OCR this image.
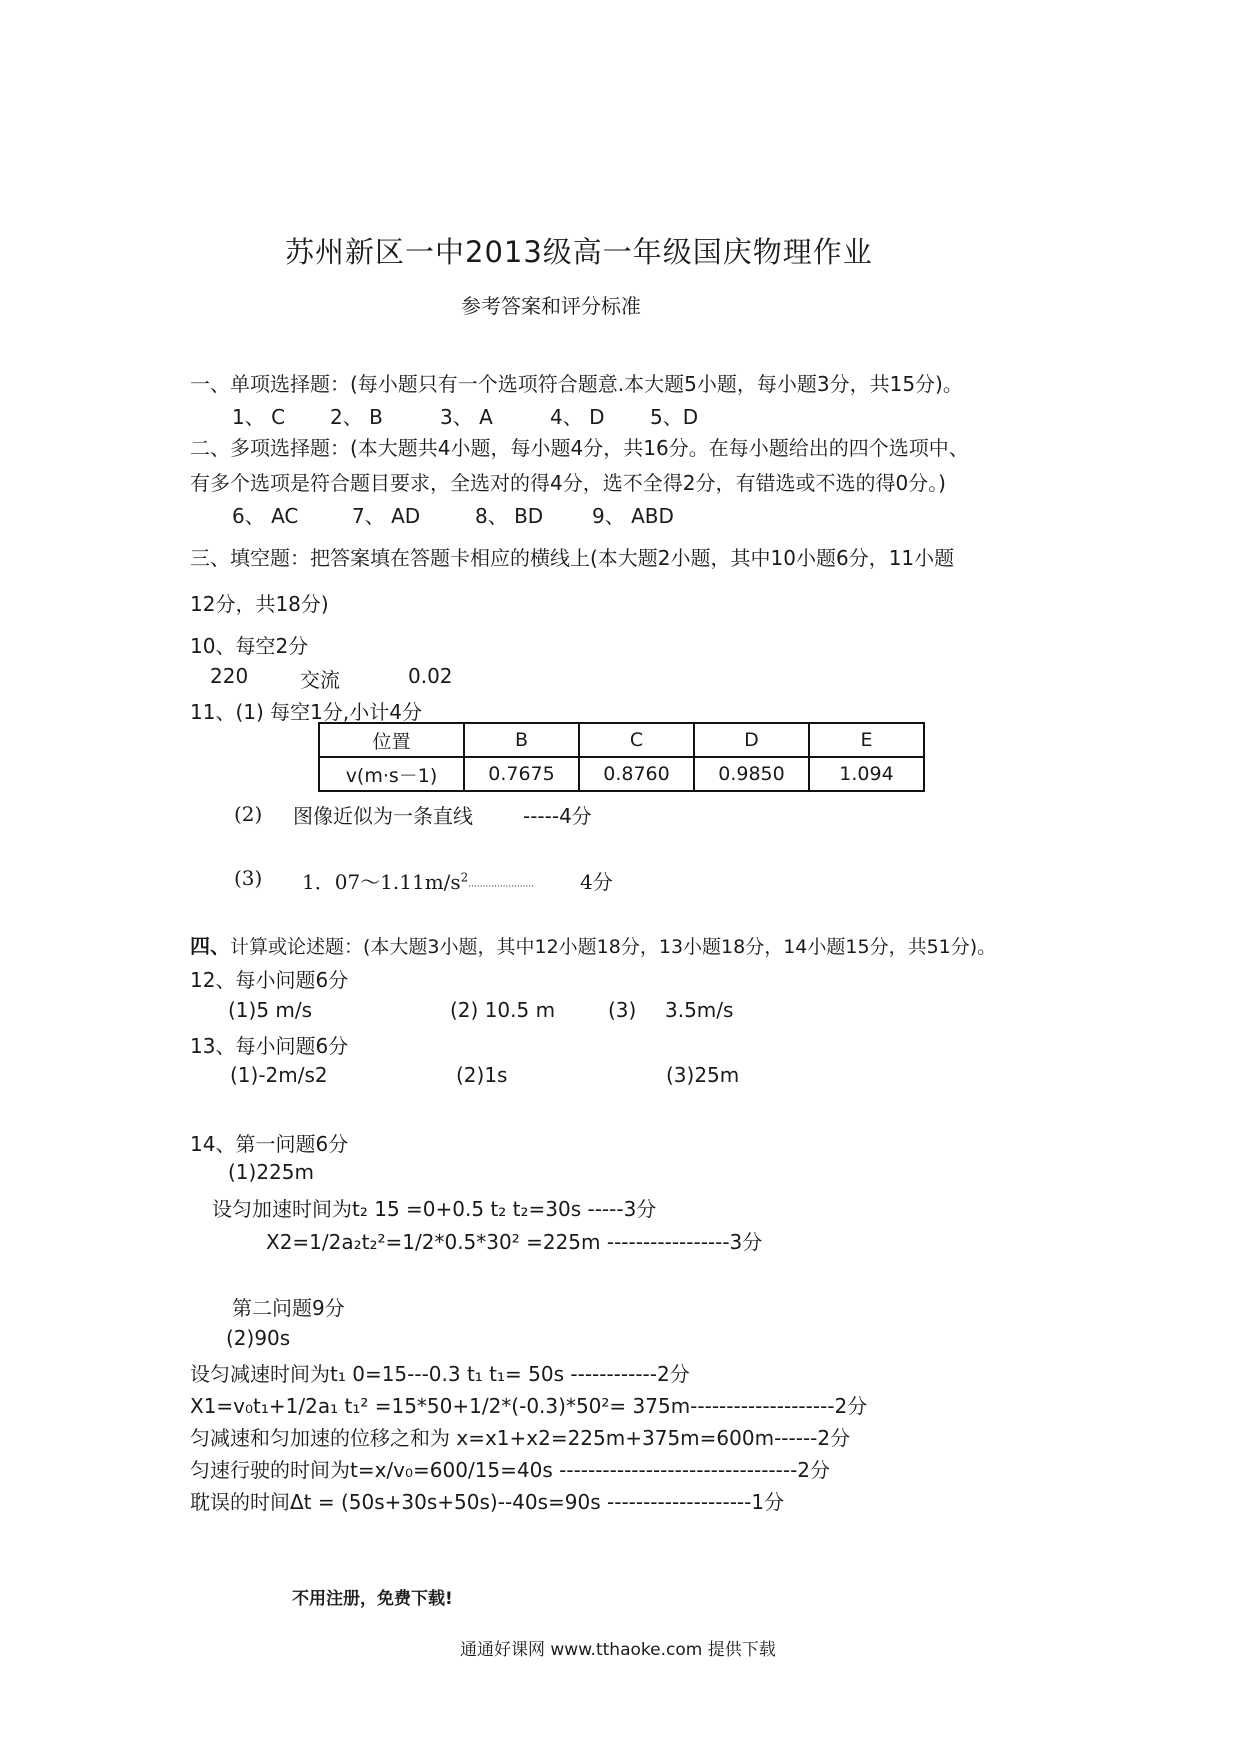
苏州新区一中2013级高一年级国庆物理作业
参考答案和评分标准
一、单项选择题：(每小题只有一个选项符合题意.本大题5小题，每小题3分，共15分)。
1、 C 2、 B	3、 A	4、 D 5、D
二、多项选择题：(本大题共4小题，每小题4分，共16分。在每小题给出的四个选项中、
有多个选项是符合题目要求，全选对的得4分，选不全得2分，有错选或不选的得0分。)
6、 AC	7、 AD	8、 BD 9、 ABD
三、填空题：把答案填在答题卡相应的横线上(本大题2小题，其中10小题6分，11小题
12分，共18分)
10、每空2分
220	交流	0.02
11、(1) 每空1分,小计4分
位置	B	C	D	E
v(m·s－1)	0.7675	0.8760	0.9850	1.094
(2) 图像近似为一条直线	-----4分
(3) 1．$07\sim 1.11m/s^2\cdot\cdot\cdot\cdot\cdot\cdot\cdot\cdot\cdot\cdot\cdot\cdot\cdot\cdot\cdot\cdot\cdot\cdot\cdot\cdot\cdot\cdot\cdot 4$分
四、计算或论述题：(本大题3小题，其中12小题18分，13小题18分，14小题15分，共51分)。
12、每小问题6分
(1)5 m/s	(2) 10.5 m	(3) 3.5m/s
13、每小问题6分
(1)-2m/s2	(2)1s	(3)25m
14、第一问题6分
(1)225m
设匀加速时间为t₂ 15 =0+0.5 t₂ t₂=30s -----3分
X2=1/2a₂t₂²=1/2*0.5*30² =225m -----------------3分
第二问题9分
(2)90s
设匀减速时间为t₁ 0=15---0.3 t₁ t₁= 50s ------------2分
X1=v₀t₁+1/2a₁ t₁² =15*50+1/2*(-0.3)*50²= 375m--------------------2分
匀减速和匀加速的位移之和为 x=x1+x2=225m+375m=600m------2分
匀速行驶的时间为t=x/v₀=600/15=40s ---------------------------------2分
耽误的时间Δt = (50s+30s+50s)--40s=90s --------------------1分
不用注册，免费下载!
通通好课网 www.tthaoke.com 提供下载
